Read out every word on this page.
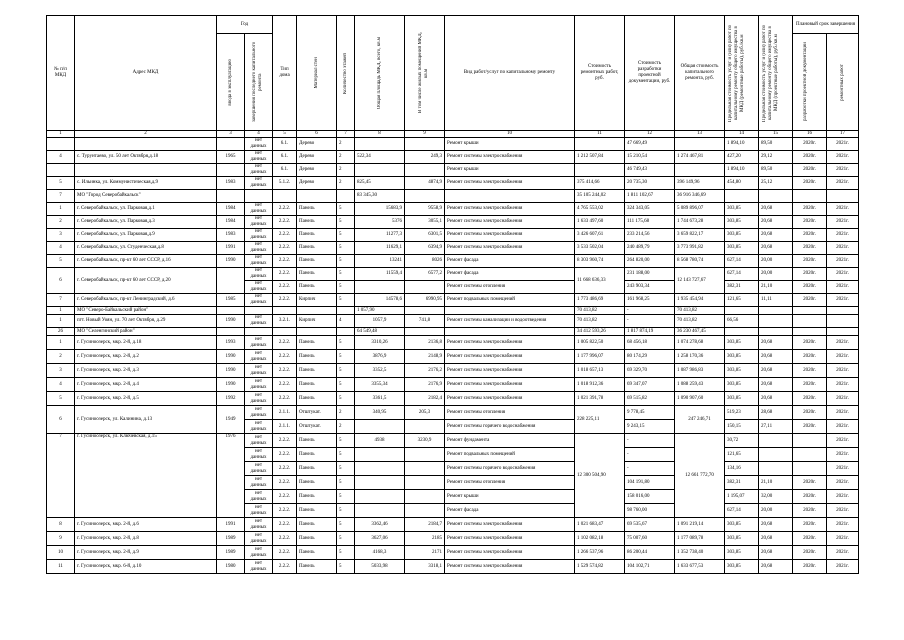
№ п/п МКД	Адрес МКД	Год		Тип дома	Материал стен	Количество этажей	Общая площадь МКД, всего, кв.м	В том числе жилых помещений МКД, кв.м	Вид работ/услуг по капитальному ремонту	Стоимость ремонтных работ, руб.	Стоимость разработки проектной документации, руб.	Общая стоимость капитального ремонта, руб.	Предельная стоимость услуг и (или) работ по капитальному ремонту общего имущества в МКД (ремонтные работы), руб./кв.м	Предельная стоимость услуг и (или) работ по капитальному ремонту общего имущества в МКД (проектные работы), руб./кв.м	Плановый срок завершения	

		ввода в эксплуатацию	завершения последнего капитального ремонта												разработки проектной документации	ремонтных работ

1	2	3	4	5	6	7	8	9	10	11	12	13	14	15	16	17
			нет данных	6.1.	Дерево	2			Ремонт крыши		47 669,49		1 894,10	89,50	2020г.	2021г.
4	с. Турунтаево, ул. 50 лет Октября,д.18	1965	нет данных	6.1.	Дерево	2	522,34	249,3	Ремонт системы электроснабжения	1 212 507,84	15 210,54	1 274 467,81	427,20	29,12	2020г.	2021г.
			нет данных	6.1.	Дерево	2			Ремонт крыши		46 749,43		1 894,10	89,50	2020г.	2021г.
5	с. Ильинка, ул. Коммунистическая,д.9	1983	нет данных	5.1.2.	Дерево	2	825,45	4874,9	Ремонт системы электроснабжения	375 414,66	20 735,30	396 149,96	454,80	25,12	2020г.	2021г.
7	МО "Город Северобайкальск"						83 345,30			35 105 244,02	1 811 102,67	36 916 346,69				
1	г. Северобайкальск, ул. Парковая,д.1	1984	нет данных	2.2.2.	Панель	5	15683,9	9558,9	Ремонт системы электроснабжения	4 765 553,02	324 343,05	5 089 896,07	303,85	20,68	2020г.	2021г.
2	г. Северобайкальск, ул. Парковая,д.3	1984	нет данных	2.2.2.	Панель	5	5376	3055,1	Ремонт системы электроснабжения	1 633 497,60	111 175,68	1 744 673,28	303,85	20,68	2020г.	2021г.
3	г. Северобайкальск, ул. Парковая,д.9	1983	нет данных	2.2.2.	Панель	5	11277,3	6301,5	Ремонт системы электроснабжения	3 426 607,61	233 214,56	3 659 822,17	303,85	20,68	2020г.	2021г.
4	г. Северобайкальск, ул. Студенческая,д.8	1991	нет данных	2.2.2.	Панель	5	11629,1	6394,9	Ремонт системы электроснабжения	3 533 502,04	240 489,79	3 773 991,82	303,85	20,68	2020г.	2021г.
5	г. Северобайкальск, пр-кт 60 лет СССР, д.16	1990	нет данных	2.2.2.	Панель	5	13241	8026	Ремонт фасада	8 303 960,74	264 820,00	8 568 780,74	627,14	20,00	2020г.	2021г.
6	г. Северобайкальск, пр-кт 60 лет СССР, д.20		нет данных	2.2.2.	Панель	5	11559,4	6577,2	Ремонт фасада	11 668 636,33	231 188,00	12 143 727,67	627,14	20,00	2020г.	2021г.
			нет данных	2.2.2.	Панель	5			Ремонт системы отопления		243 903,34		382,31	21,10	2020г.	2021г.
7	г. Северобайкальск, пр-кт Ленинградский, д.6	1985	нет данных	2.2.2.	Кирпич	5	14578,6	6990,95	Ремонт подвальных помещений	1 773 486,69	161 968,25	1 935 454,94	121,65	11,11	2020г.	2021г.
1	МО "Северо-Байкальский район"						1 057,90			70 413,82	-	70 413,82				
1	пгт. Новый Уоян, ул. 70 лет Октября, д.29	1990	нет данных	3.2.1.	Кирпич	4	1057,9	741,8	Ремонт системы канализации и водоотведения	70 413,82	-	70 413,82	66,56			
26	МО "Селенгинский район"						64 549,48			34 412 593,26	1 817 874,19	36 230 467,45				
1	г. Гусиноозерск, мкр. 2-й, д.18	1993	нет данных	2.2.2.	Панель	5	3310,26	2136,8	Ремонт системы электроснабжения	1 005 822,50	68 456,18	1 074 278,68	303,85	20,68	2020г.	2021г.
2	г. Гусиноозерск, мкр. 2-й, д.2	1990	нет данных	2.2.2.	Панель	5	3876,9	2148,9	Ремонт системы электроснабжения	1 177 996,07	80 174,29	1 258 170,36	303,85	20,68	2020г.	2021г.
3	г. Гусиноозерск, мкр. 2-й, д.3	1990	нет данных	2.2.2.	Панель	5	3352,5	2176,2	Ремонт системы электроснабжения	1 018 657,13	69 329,70	1 087 986,83	303,85	20,68	2020г.	2021г.
4	г. Гусиноозерск, мкр. 2-й, д.4	1990	нет данных	2.2.2.	Панель	5	3355,34	2176,9	Ремонт системы электроснабжения	1 018 912,36	69 347,07	1 088 259,43	303,85	20,68	2020г.	2021г.
5	г. Гусиноозерск, мкр. 2-й, д.5	1992	нет данных	2.2.2.	Панель	5	3361,5	2182,4	Ремонт системы электроснабжения	1 021 391,78	69 515,82	1 090 907,60	303,85	20,68	2020г.	2021г.
6	г. Гусиноозерск, ул. Калинина, д.13	1949	нет данных	2.1.1.	Отштукат.	2	340,95	205,3	Ремонт системы отопления	228 225,11	9 778,45	247 246,71	519,23	28,68	2020г.	2021г.
			нет данных	2.1.1.	Отштукат.	2			Ремонт системы горячего водоснабжения		9 243,15		150,15	27,11	2020г.	2021г.
7	г. Гусиноозерск, ул. Ключевская, д.15	1976	нет данных	2.2.2.	Панель	5	4938	3230,9	Ремонт фундамента	12 300 504,90	-	12 661 772,70	30,72			2021г.
			нет данных	2.2.2.	Панель	5			Ремонт подвальных помещений		-		121,65			2021г.
			нет данных	2.2.2.	Панель	5			Ремонт системы горячего водоснабжения		-		134,16			2021г.
			нет данных	2.2.2.	Панель	5			Ремонт системы отопления		104 191,80		382,31	21,10	2020г.	2021г.
			нет данных	2.2.2.	Панель	5			Ремонт крыши		158 016,00		1 195,07	32,00	2020г.	2021г.
			нет данных	2.2.2.	Панель	5			Ремонт фасада		98 760,00		627,14	20,00	2020г.	2021г.
8	г. Гусиноозерск, мкр. 2-й, д.6	1991	нет данных	2.2.2.	Панель	5	3362,46	2184,7	Ремонт системы электроснабжения	1 021 683,47	69 535,67	1 091 219,14	303,85	20,68	2020г.	2021г.
9	г. Гусиноозерск, мкр. 2-й, д.8	1989	нет данных	2.2.2.	Панель	5	3627,06	2185	Ремонт системы электроснабжения	1 102 082,18	75 007,60	1 177 089,78	303,85	20,68	2020г.	2021г.
10	г. Гусиноозерск, мкр. 2-й, д.9	1989	нет данных	2.2.2.	Панель	5	4168,3	2171	Ремонт системы электроснабжения	1 266 537,96	86 200,44	1 352 738,40	303,85	20,68	2020г.	2021г.
11	г. Гусиноозерск, мкр. 6-й, д.10	1980	нет данных	2.2.2.	Панель	5	5033,98	3318,1	Ремонт системы электроснабжения	1 529 574,82	104 102,71	1 633 677,53	303,85	20,68	2020г.	2021г.
